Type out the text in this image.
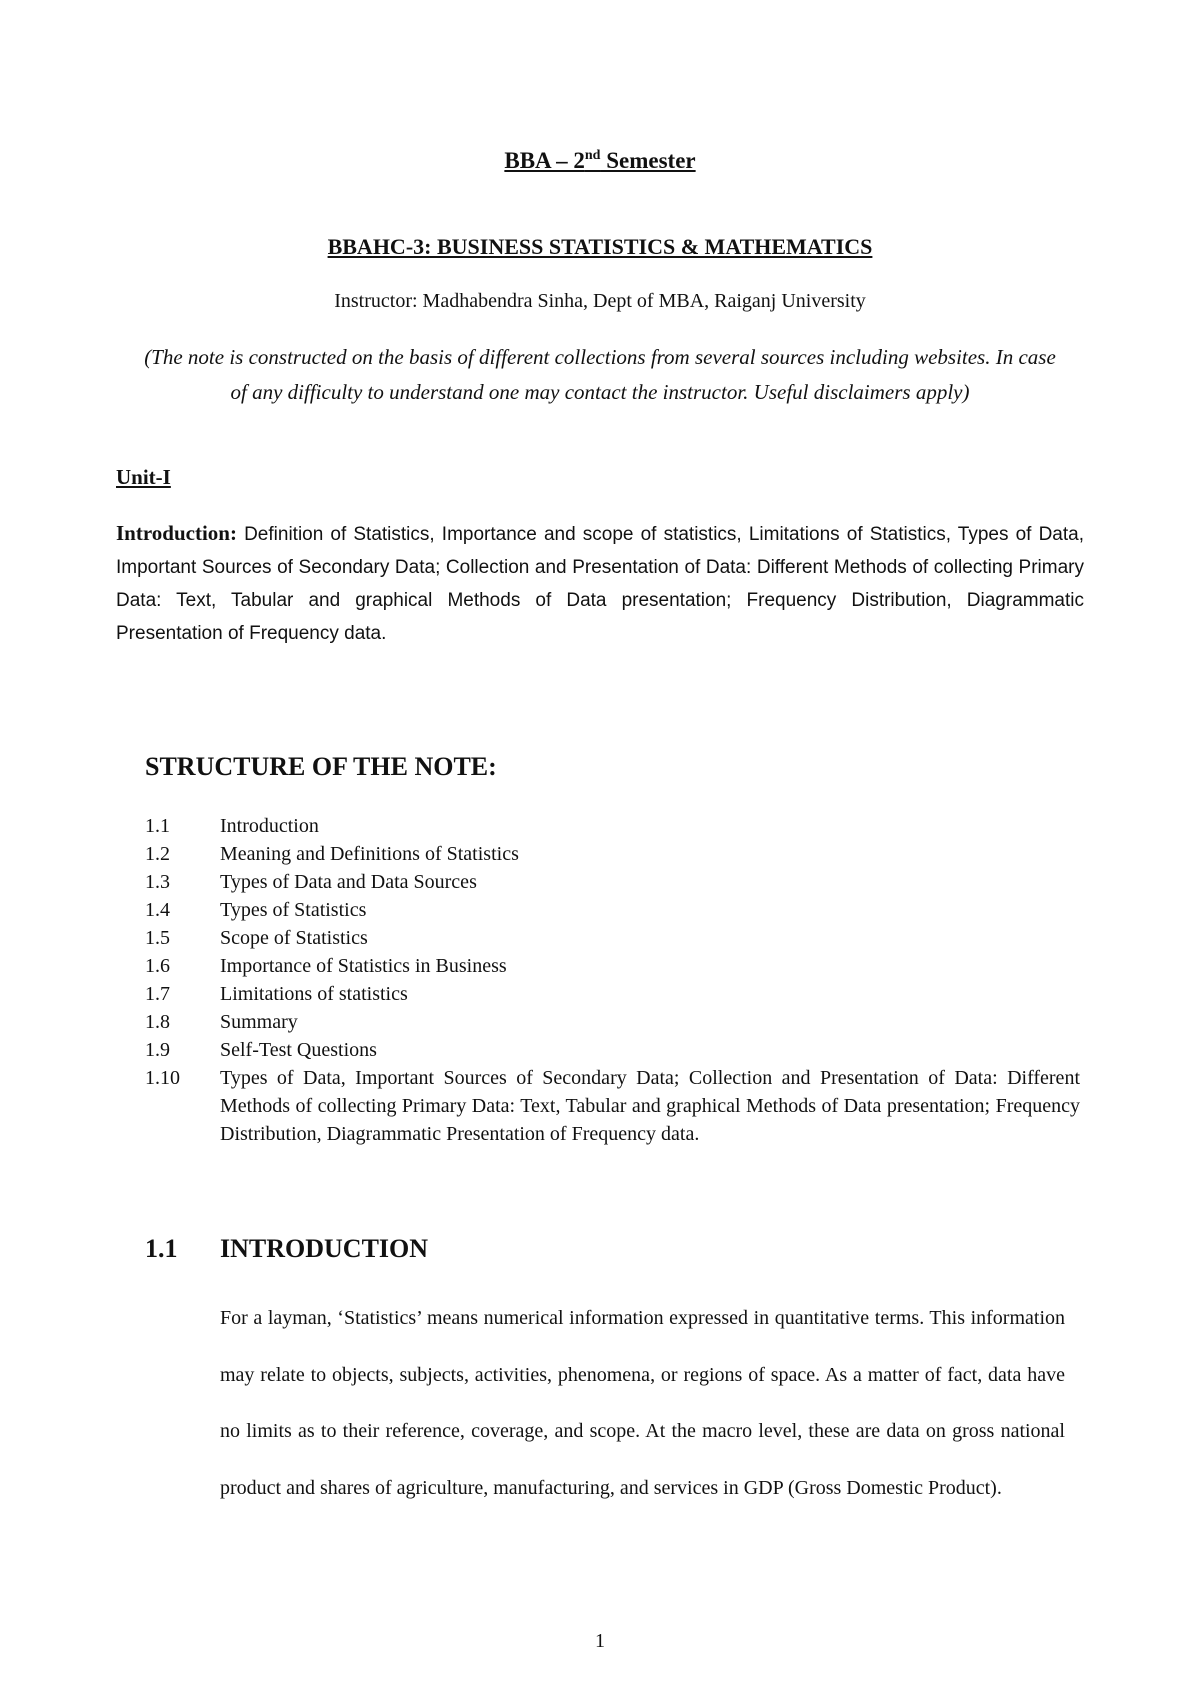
BBA – 2nd Semester
BBAHC-3: BUSINESS STATISTICS & MATHEMATICS
Instructor: Madhabendra Sinha, Dept of MBA, Raiganj University
(The note is constructed on the basis of different collections from several sources including websites. In case of any difficulty to understand one may contact the instructor. Useful disclaimers apply)
Unit-I
Introduction: Definition of Statistics, Importance and scope of statistics, Limitations of Statistics, Types of Data, Important Sources of Secondary Data; Collection and Presentation of Data: Different Methods of collecting Primary Data: Text, Tabular and graphical Methods of Data presentation; Frequency Distribution, Diagrammatic Presentation of Frequency data.
STRUCTURE OF THE NOTE:
1.1	Introduction
1.2	Meaning and Definitions of Statistics
1.3	Types of Data and Data Sources
1.4	Types of Statistics
1.5	Scope of Statistics
1.6	Importance of Statistics in Business
1.7	Limitations of statistics
1.8	Summary
1.9	Self-Test Questions
1.10	Types of Data, Important Sources of Secondary Data; Collection and Presentation of Data: Different Methods of collecting Primary Data: Text, Tabular and graphical Methods of Data presentation; Frequency Distribution, Diagrammatic Presentation of Frequency data.
1.1	INTRODUCTION
For a layman, ‘Statistics’ means numerical information expressed in quantitative terms. This information may relate to objects, subjects, activities, phenomena, or regions of space. As a matter of fact, data have no limits as to their reference, coverage, and scope. At the macro level, these are data on gross national product and shares of agriculture, manufacturing, and services in GDP (Gross Domestic Product).
1
